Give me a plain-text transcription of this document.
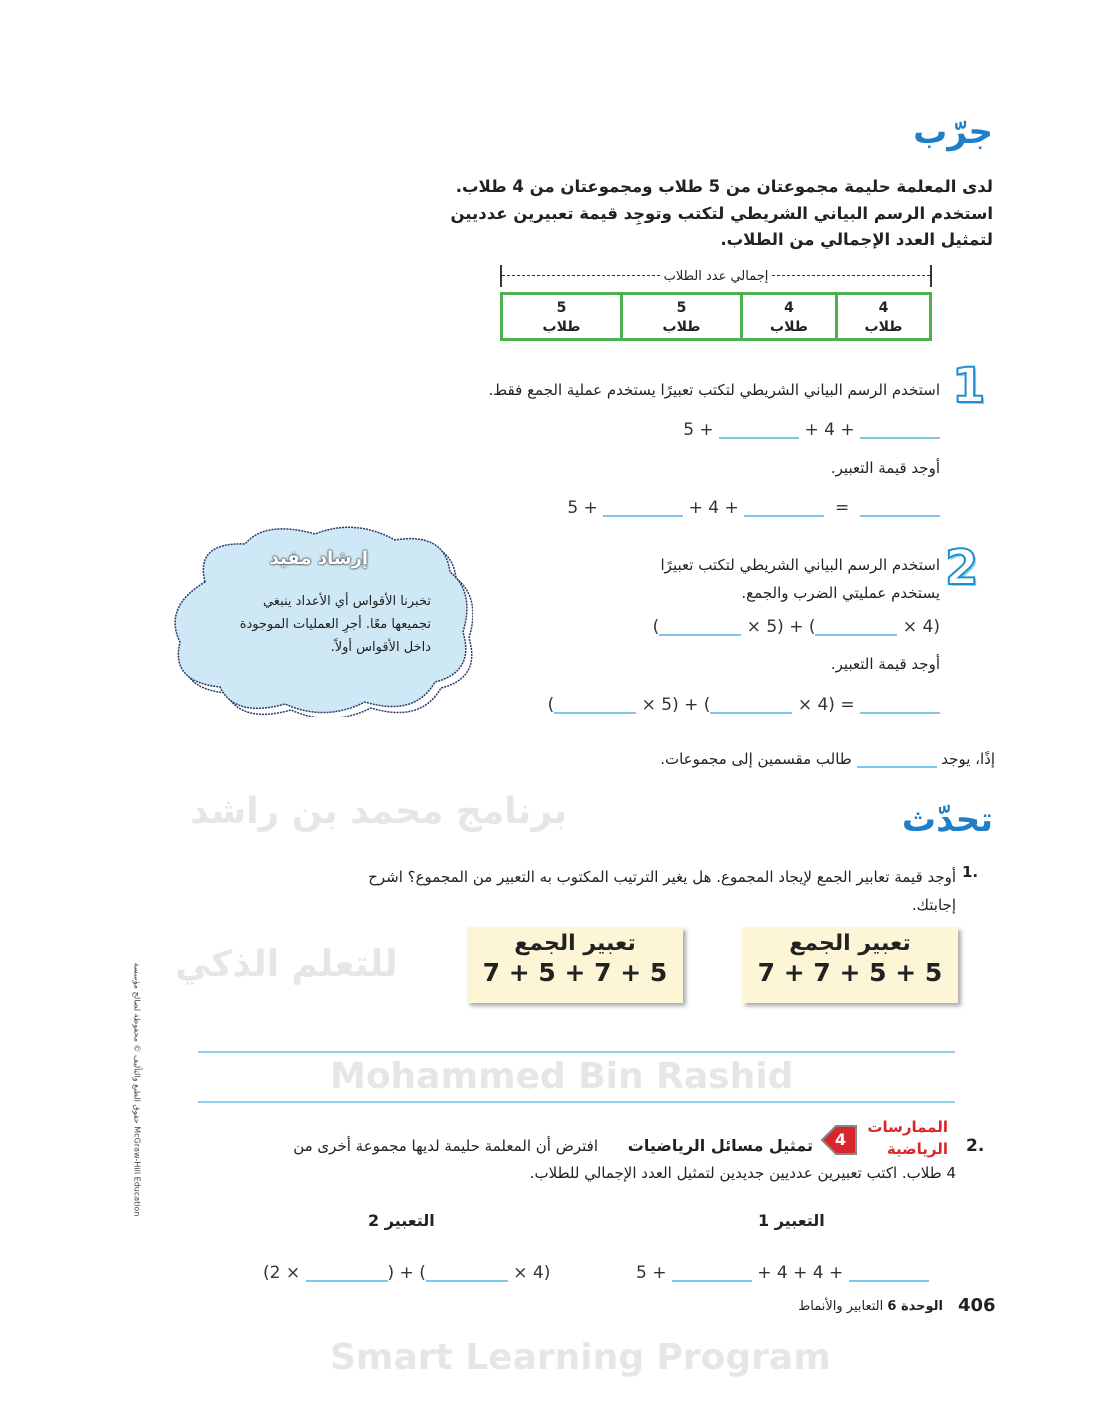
برنامج محمد بن راشد
للتعلم الذكي
Mohammed Bin Rashid
Smart Learning Program
جرّب
لدى المعلمة حليمة مجموعتان من 5 طلاب ومجموعتان من 4 طلاب.
استخدم الرسم البياني الشريطي لتكتب وتوجِد قيمة تعبيرين عدديين
لتمثيل العدد الإجمالي من الطلاب.
إجمالي عدد الطلاب
5
طلاب
5
طلاب
4
طلاب
4
طلاب
1
استخدم الرسم البياني الشريطي لتكتب تعبيرًا يستخدم عملية الجمع فقط.
5 +	+ 4 +
أوجد قيمة التعبير.
5 +	+ 4 +	=
2
استخدم الرسم البياني الشريطي لتكتب تعبيرًا
يستخدم عمليتي الضرب والجمع.
(	× 5) + (	× 4)
أوجد قيمة التعبير.
(	× 5) + (	× 4) =
إذًا، يوجد  طالب مقسمين إلى مجموعات.
إرشاد مفيد
تخبرنا الأقواس أي الأعداد ينبغي
تجميعها معًا. أجرِ العمليات الموجودة
داخل الأقواس أولاً.
تحدّث
1.
أوجد قيمة تعابير الجمع لإيجاد المجموع. هل يغير الترتيب المكتوب به التعبير من المجموع؟ اشرح
إجابتك.
تعبير الجمع
7 + 7 + 5 + 5
تعبير الجمع
7 + 5 + 7 + 5
2.
الممارسات
الرياضية
4
تمثيل مسائل الرياضيات
افترض أن المعلمة حليمة لديها مجموعة أخرى من
4 طلاب. اكتب تعبيرين عدديين جديدين لتمثيل العدد الإجمالي للطلاب.
التعبير 1
التعبير 2
5 +	+ 4 + 4 +
(2 ×	) + (	× 4)
406
الوحدة 6 التعابير والأنماط
حقوق الطبع والتأليف © محفوظة لصالح مؤسسة McGraw-Hill Education
